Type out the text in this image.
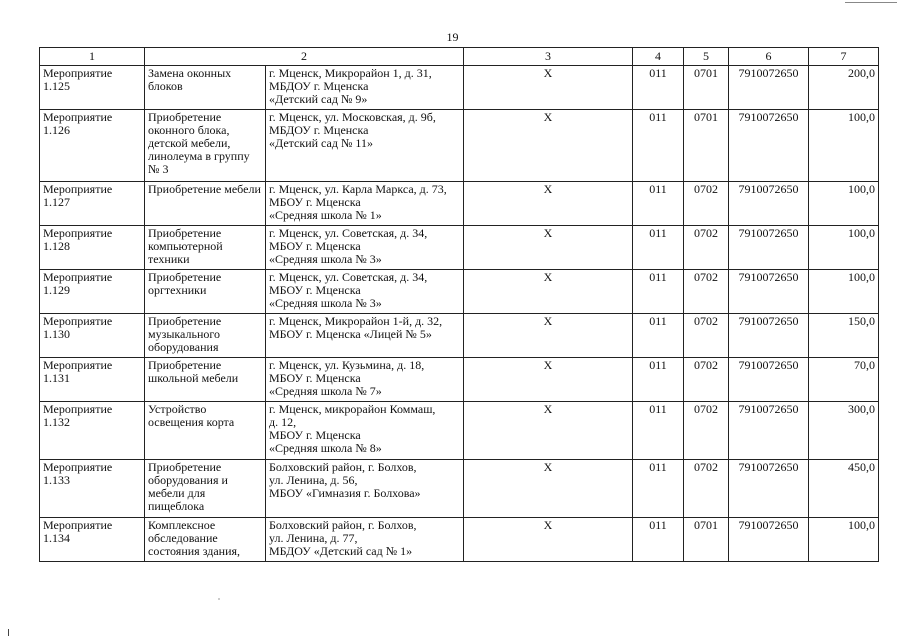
19
1	2		3	4	5	6	7
Мероприятие 1.125	Замена оконных блоков	г. Мценск, Микрорайон 1, д. 31,
МБДОУ г. Мценска
«Детский сад № 9»	Х	011	0701	7910072650	200,0
Мероприятие 1.126	Приобретение оконного блока, детской мебели, линолеума в группу № 3	г. Мценск, ул. Московская, д. 9б,
МБДОУ г. Мценска
«Детский сад № 11»	Х	011	0701	7910072650	100,0
Мероприятие 1.127	Приобретение мебели	г. Мценск, ул. Карла Маркса, д. 73,
МБОУ г. Мценска
«Средняя школа № 1»	Х	011	0702	7910072650	100,0
Мероприятие 1.128	Приобретение компьютерной техники	г. Мценск, ул. Советская, д. 34,
МБОУ г. Мценска
«Средняя школа № 3»	Х	011	0702	7910072650	100,0
Мероприятие 1.129	Приобретение оргтехники	г. Мценск, ул. Советская, д. 34,
МБОУ г. Мценска
«Средняя школа № 3»	Х	011	0702	7910072650	100,0
Мероприятие 1.130	Приобретение музыкального оборудования	г. Мценск, Микрорайон 1-й, д. 32,
МБОУ г. Мценска «Лицей № 5»	Х	011	0702	7910072650	150,0
Мероприятие 1.131	Приобретение школьной мебели	г. Мценск, ул. Кузьмина, д. 18,
МБОУ г. Мценска
«Средняя школа № 7»	Х	011	0702	7910072650	70,0
Мероприятие 1.132	Устройство освещения корта	г. Мценск, микрорайон Коммаш,
д. 12,
МБОУ г. Мценска
«Средняя школа № 8»	Х	011	0702	7910072650	300,0
Мероприятие 1.133	Приобретение оборудования и мебели для пищеблока	Болховский район, г. Болхов,
ул. Ленина, д. 56,
МБОУ «Гимназия г. Болхова»	Х	011	0702	7910072650	450,0
Мероприятие 1.134	Комплексное обследование состояния здания,	Болховский район, г. Болхов,
ул. Ленина, д. 77,
МБДОУ «Детский сад № 1»	Х	011	0701	7910072650	100,0
